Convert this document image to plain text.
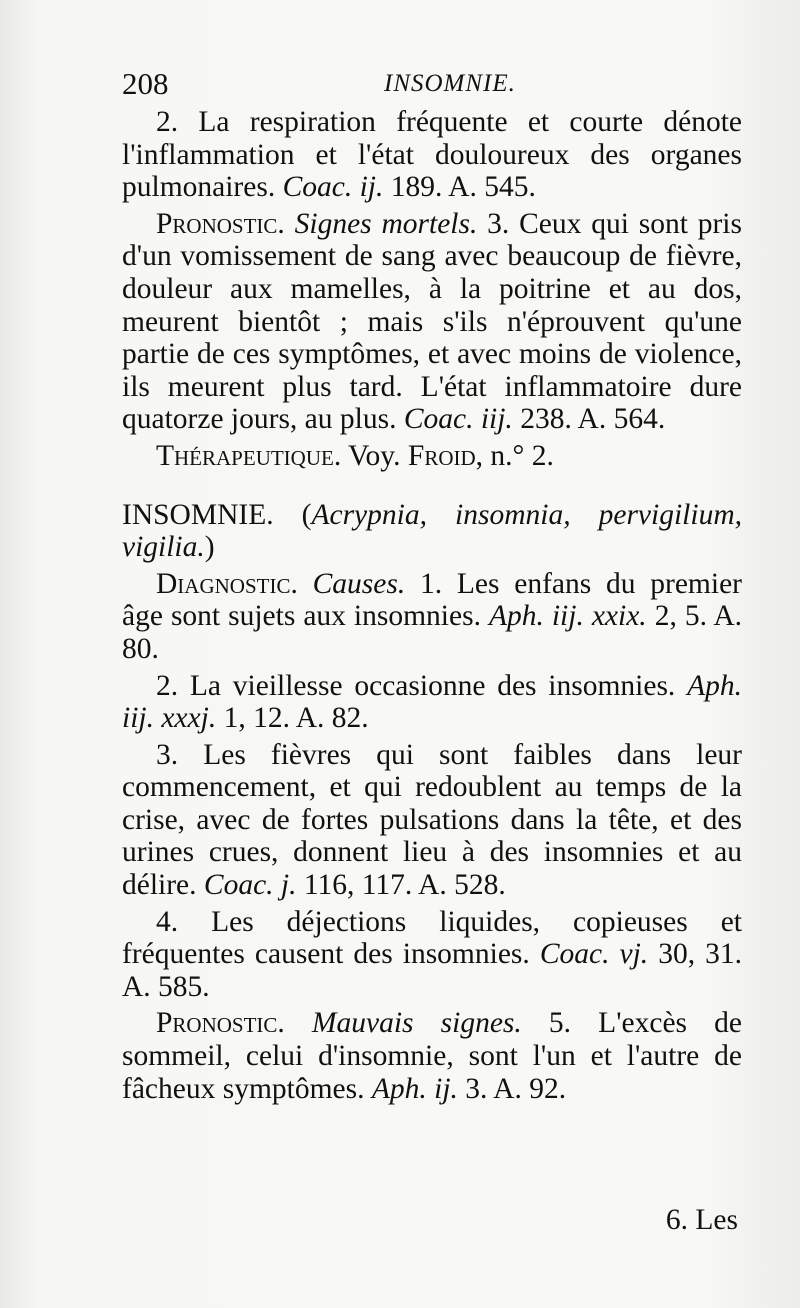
208	INSOMNIE.

2. La respiration fréquente et courte dénote l'inflammation et l'état douloureux des organes pulmonaires. Coac. ij. 189. A. 545.

Pronostic. Signes mortels. 3. Ceux qui sont pris d'un vomissement de sang avec beaucoup de fièvre, douleur aux mamelles, à la poitrine et au dos, meurent bientôt ; mais s'ils n'éprouvent qu'une partie de ces symptômes, et avec moins de violence, ils meurent plus tard. L'état inflammatoire dure quatorze jours, au plus. Coac. iij. 238. A. 564.

Thérapeutique. Voy. Froid, n.° 2.

INSOMNIE. (Acrypnia, insomnia, pervigilium, vigilia.)

Diagnostic. Causes. 1. Les enfans du premier âge sont sujets aux insomnies. Aph. iij. xxix. 2, 5. A. 80.

2. La vieillesse occasionne des insomnies. Aph. iij. xxxj. 1, 12. A. 82.

3. Les fièvres qui sont faibles dans leur commencement, et qui redoublent au temps de la crise, avec de fortes pulsations dans la tête, et des urines crues, donnent lieu à des insomnies et au délire. Coac. j. 116, 117. A. 528.

4. Les déjections liquides, copieuses et fréquentes causent des insomnies. Coac. vj. 30, 31. A. 585.

Pronostic. Mauvais signes. 5. L'excès de sommeil, celui d'insomnie, sont l'un et l'autre de fâcheux symptômes. Aph. ij. 3. A. 92.

6. Les
